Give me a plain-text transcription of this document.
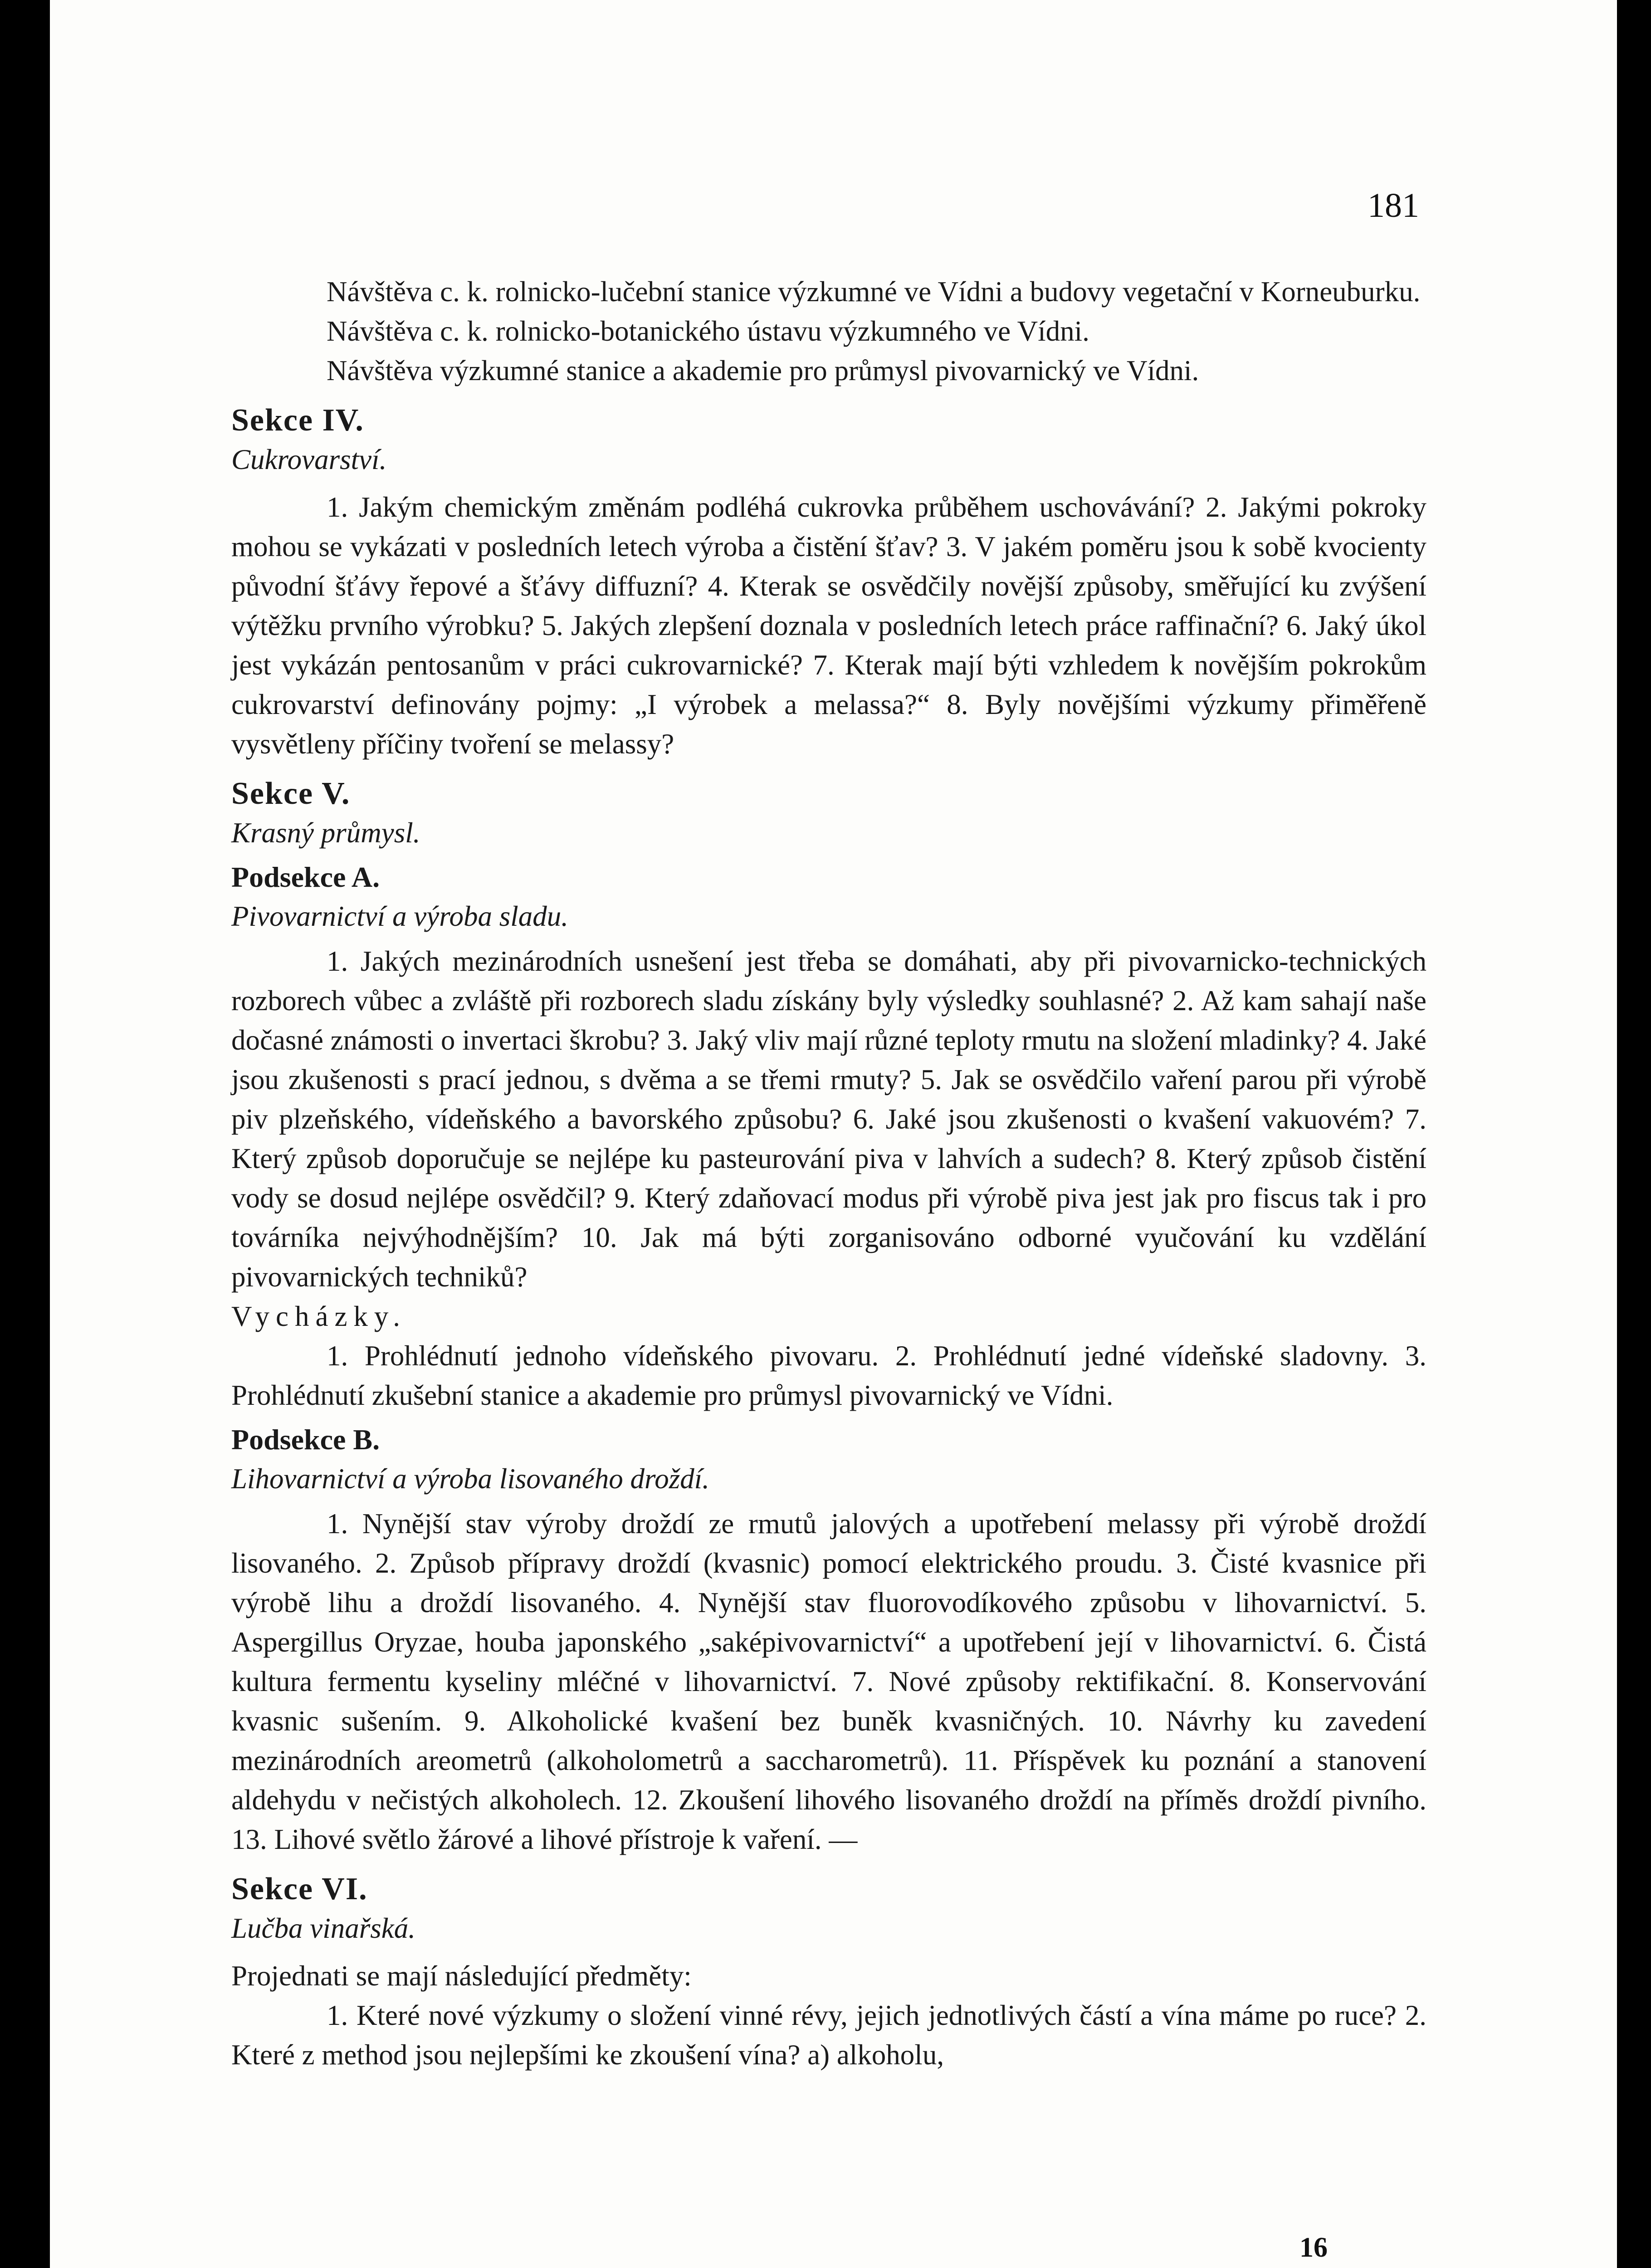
181

Návštěva c. k. rolnicko-lučební stanice výzkumné ve Vídni a budovy vegetační v Korneuburku.

Návštěva c. k. rolnicko-botanického ústavu výzkumného ve Vídni.

Návštěva výzkumné stanice a akademie pro průmysl pivovarnický ve Vídni.

Sekce IV.

Cukrovarství.

1. Jakým chemickým změnám podléhá cukrovka průběhem uschovávání? 2. Jakými pokroky mohou se vykázati v posledních letech výroba a čistění šťav? 3. V jakém poměru jsou k sobě kvocienty původní šťávy řepové a šťávy diffuzní? 4. Kterak se osvědčily novější způsoby, směřující ku zvýšení výtěžku prvního výrobku? 5. Jakých zlepšení doznala v posledních letech práce raffinační? 6. Jaký úkol jest vykázán pentosanům v práci cukrovarnické? 7. Kterak mají býti vzhledem k novějším pokrokům cukrovarství definovány pojmy: „I výrobek a melassa?“ 8. Byly novějšími výzkumy přiměřeně vysvětleny příčiny tvoření se melassy?

Sekce V.

Krasný průmysl.

Podsekce A.

Pivovarnictví a výroba sladu.

1. Jakých mezinárodních usnešení jest třeba se domáhati, aby při pivovarnicko-technických rozborech vůbec a zvláště při rozborech sladu získány byly výsledky souhlasné? 2. Až kam sahají naše dočasné známosti o invertaci škrobu? 3. Jaký vliv mají různé teploty rmutu na složení mladinky? 4. Jaké jsou zkušenosti s prací jednou, s dvěma a se třemi rmuty? 5. Jak se osvědčilo vaření parou při výrobě piv plzeňského, vídeňského a bavorského způsobu? 6. Jaké jsou zkušenosti o kvašení vakuovém? 7. Který způsob doporučuje se nejlépe ku pasteurování piva v lahvích a sudech? 8. Který způsob čistění vody se dosud nejlépe osvědčil? 9. Který zdaňovací modus při výrobě piva jest jak pro fiscus tak i pro továrníka nejvýhodnějším? 10. Jak má býti zorganisováno odborné vyučování ku vzdělání pivovarnických techniků?

Vycházky.

1. Prohlédnutí jednoho vídeňského pivovaru. 2. Prohlédnutí jedné vídeňské sladovny. 3. Prohlédnutí zkušební stanice a akademie pro průmysl pivovarnický ve Vídni.

Podsekce B.

Lihovarnictví a výroba lisovaného droždí.

1. Nynější stav výroby droždí ze rmutů jalových a upotřebení melassy při výrobě droždí lisovaného. 2. Způsob přípravy droždí (kvasnic) pomocí elektrického proudu. 3. Čisté kvasnice při výrobě lihu a droždí lisovaného. 4. Nynější stav fluorovodíkového způsobu v lihovarnictví. 5. Aspergillus Oryzae, houba japonského „saképivovarnictví“ a upotřebení její v lihovarnictví. 6. Čistá kultura fermentu kyseliny mléčné v lihovarnictví. 7. Nové způsoby rektifikační. 8. Konservování kvasnic sušením. 9. Alkoholické kvašení bez buněk kvasničných. 10. Návrhy ku zavedení mezinárodních areometrů (alkoholometrů a saccharometrů). 11. Příspěvek ku poznání a stanovení aldehydu v nečistých alkoholech. 12. Zkoušení lihového lisovaného droždí na příměs droždí pivního. 13. Lihové světlo žárové a lihové přístroje k vaření. —

Sekce VI.

Lučba vinařská.

Projednati se mají následující předměty:

1. Které nové výzkumy o složení vinné révy, jejich jednotlivých částí a vína máme po ruce? 2. Které z method jsou nejlepšími ke zkoušení vína? a) alkoholu,

16
